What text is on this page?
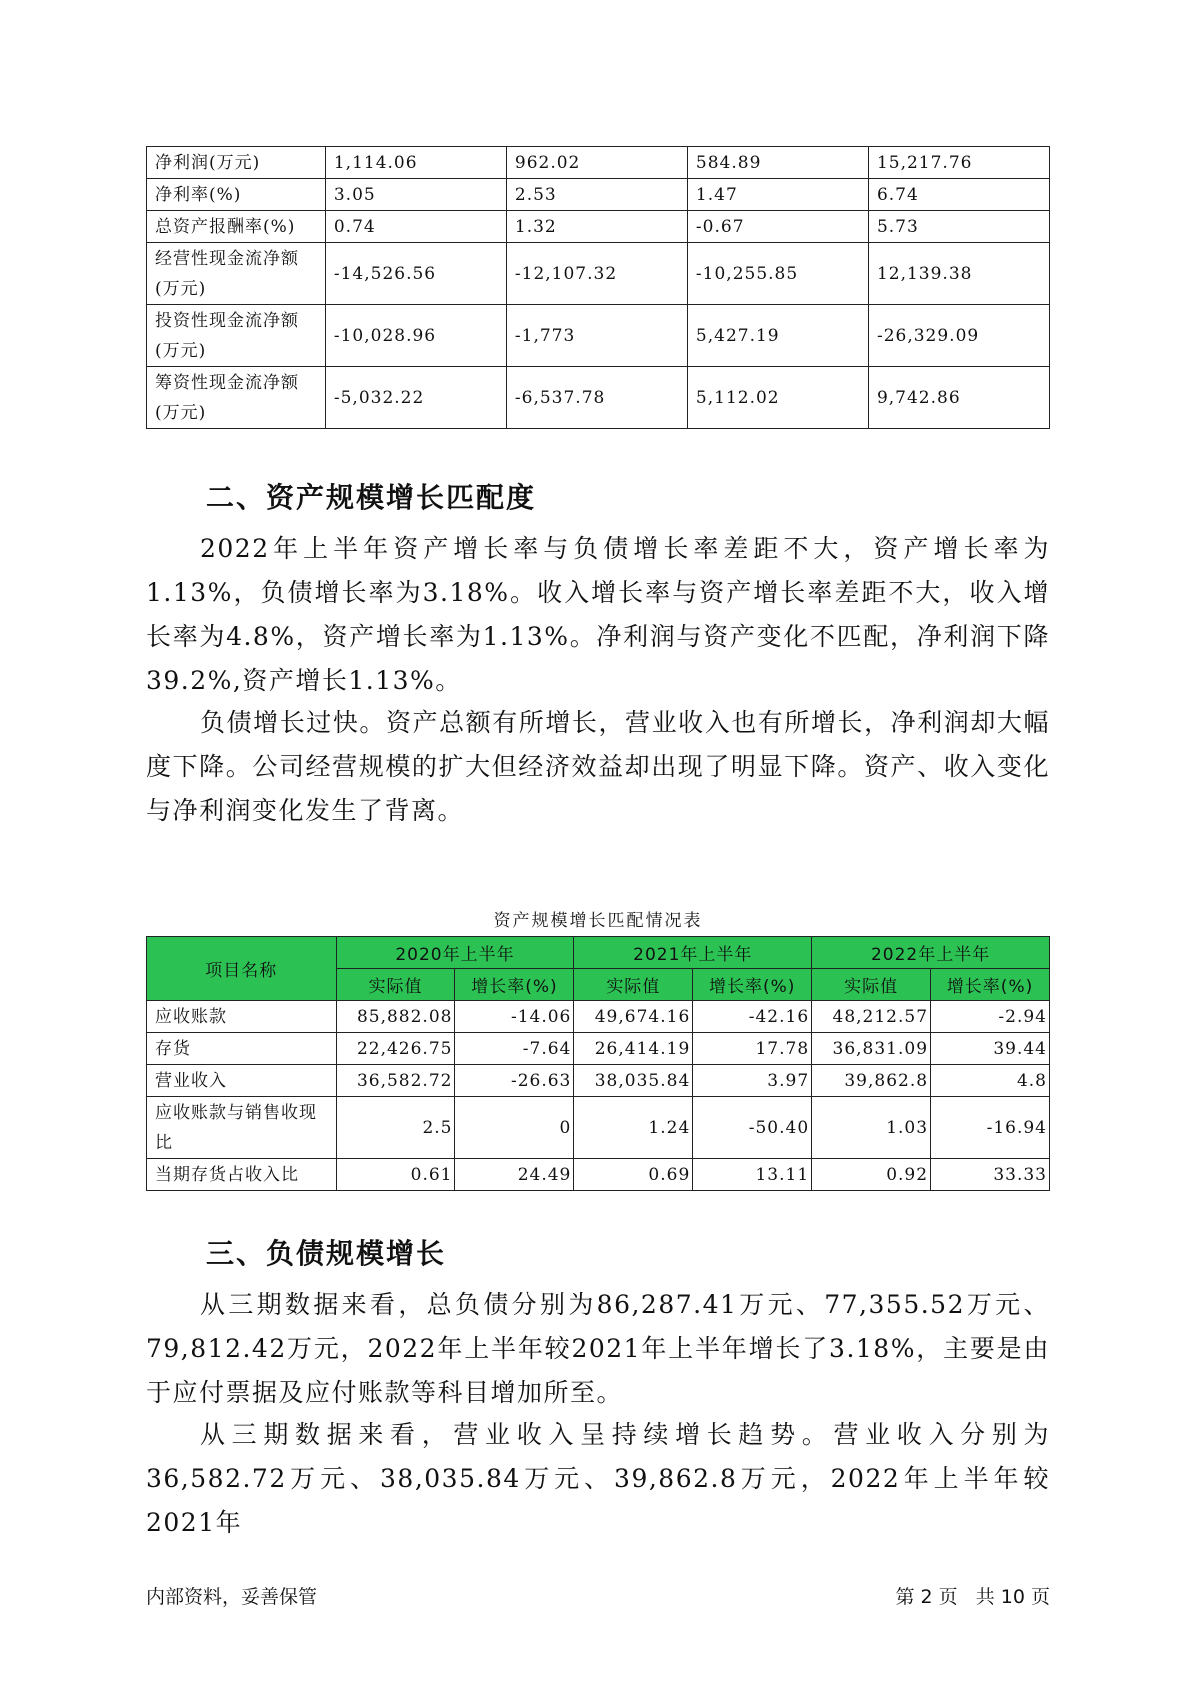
净利润(万元)	1,114.06	962.02	584.89	15,217.76
净利率(%)	3.05	2.53	1.47	6.74
总资产报酬率(%)	0.74	1.32	-0.67	5.73
经营性现金流净额(万元)	-14,526.56	-12,107.32	-10,255.85	12,139.38
投资性现金流净额(万元)	-10,028.96	-1,773	5,427.19	-26,329.09
筹资性现金流净额(万元)	-5,032.22	-6,537.78	5,112.02	9,742.86
二、资产规模增长匹配度

2022年上半年资产增长率与负债增长率差距不大，资产增长率为1.13%，负债增长率为3.18%。收入增长率与资产增长率差距不大，收入增长率为4.8%，资产增长率为1.13%。净利润与资产变化不匹配，净利润下降39.2%,资产增长1.13%。

负债增长过快。资产总额有所增长，营业收入也有所增长，净利润却大幅度下降。公司经营规模的扩大但经济效益却出现了明显下降。资产、收入变化与净利润变化发生了背离。

资产规模增长匹配情况表
项目名称	2020年上半年		2021年上半年		2022年上半年	
	实际值	增长率(%)	实际值	增长率(%)	实际值	增长率(%)
应收账款	85,882.08	-14.06	49,674.16	-42.16	48,212.57	-2.94
存货	22,426.75	-7.64	26,414.19	17.78	36,831.09	39.44
营业收入	36,582.72	-26.63	38,035.84	3.97	39,862.8	4.8
应收账款与销售收现比	2.5	0	1.24	-50.40	1.03	-16.94
当期存货占收入比	0.61	24.49	0.69	13.11	0.92	33.33
三、负债规模增长

从三期数据来看，总负债分别为86,287.41万元、77,355.52万元、79,812.42万元，2022年上半年较2021年上半年增长了3.18%，主要是由于应付票据及应付账款等科目增加所至。

从三期数据来看，营业收入呈持续增长趋势。营业收入分别为36,582.72万元、38,035.84万元、39,862.8万元，2022年上半年较2021年

内部资料，妥善保管	第 2 页   共 10 页
